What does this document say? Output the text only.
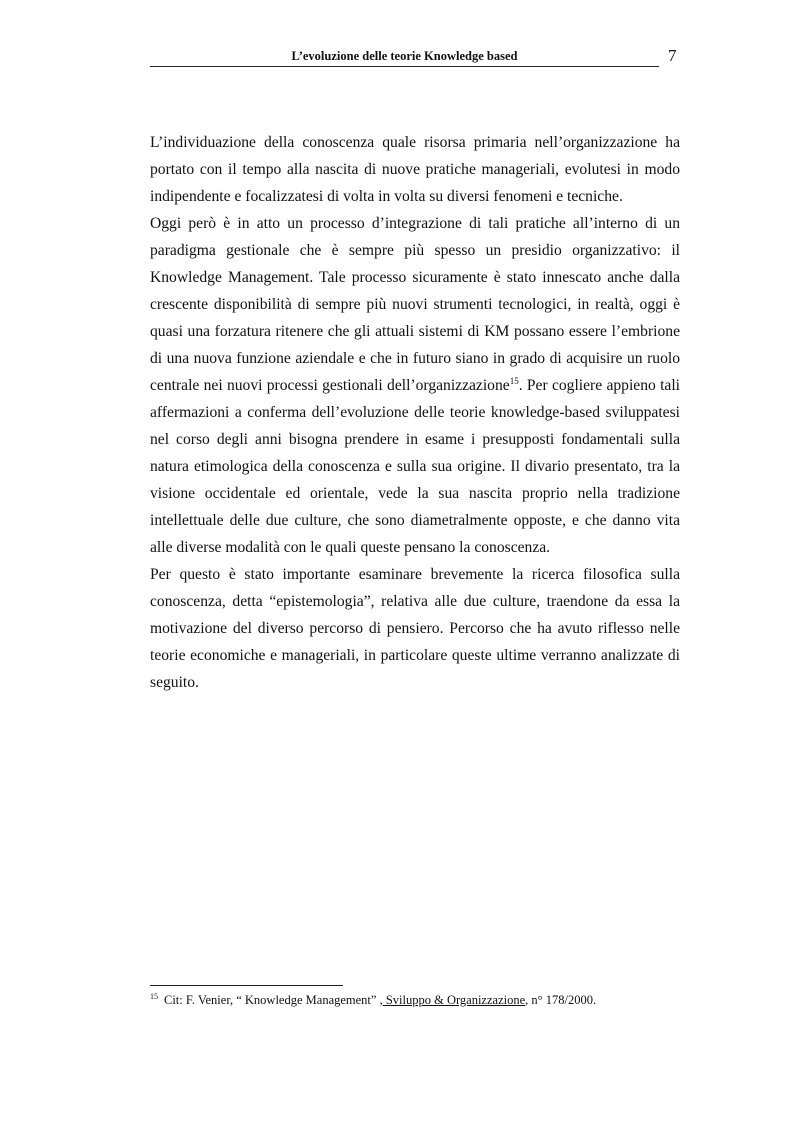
L’evoluzione delle teorie Knowledge based	7

L’individuazione della conoscenza quale risorsa primaria nell’organizzazione ha portato con il tempo alla nascita di nuove pratiche manageriali, evolutesi in modo indipendente e focalizzatesi di volta in volta su diversi fenomeni e tecniche.

Oggi però è in atto un processo d’integrazione di tali pratiche all’interno di un paradigma gestionale che è sempre più spesso un presidio organizzativo: il Knowledge Management. Tale processo sicuramente è stato innescato anche dalla crescente disponibilità di sempre più nuovi strumenti tecnologici, in realtà, oggi è quasi una forzatura ritenere che gli attuali sistemi di KM possano essere l’embrione di una nuova funzione aziendale e che in futuro siano in grado di acquisire un ruolo centrale nei nuovi processi gestionali dell’organizzazione$^{15}$. Per cogliere appieno tali affermazioni a conferma dell’evoluzione delle teorie knowledge-based sviluppatesi nel corso degli anni bisogna prendere in esame i presupposti fondamentali sulla natura etimologica della conoscenza e sulla sua origine. Il divario presentato, tra la visione occidentale ed orientale, vede la sua nascita proprio nella tradizione intellettuale delle due culture, che sono diametralmente opposte, e che danno vita alle diverse modalità con le quali queste pensano la conoscenza.

Per questo è stato importante esaminare brevemente la ricerca filosofica sulla conoscenza, detta “epistemologia”, relativa alle due culture, traendone da essa la motivazione del diverso percorso di pensiero. Percorso che ha avuto riflesso nelle teorie economiche e manageriali, in particolare queste ultime verranno analizzate di seguito.

$^{15}$ Cit: F. Venier, “ Knowledge Management” , Sviluppo & Organizzazione, n° 178/2000.
